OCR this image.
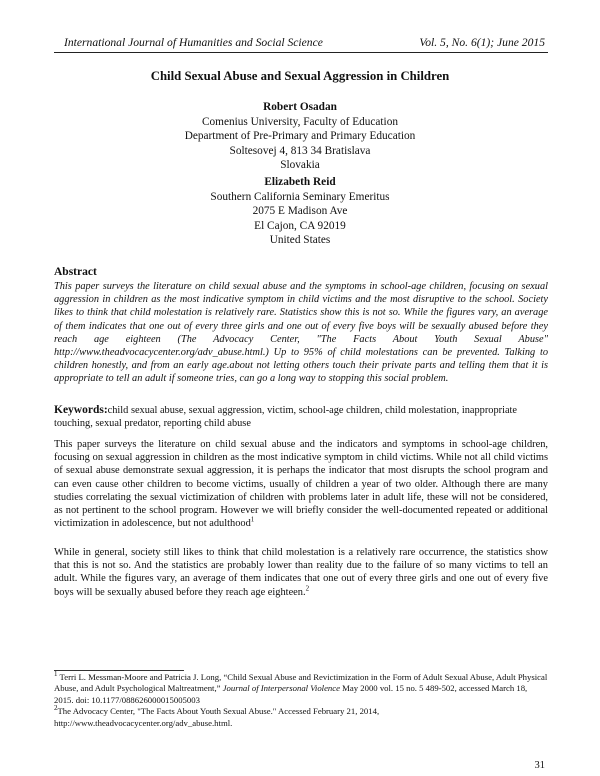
International Journal of Humanities and Social Science	Vol. 5, No. 6(1); June 2015
Child Sexual Abuse and Sexual Aggression in Children
Robert Osadan
Comenius University, Faculty of Education
Department of Pre-Primary and Primary Education
Soltesovej 4, 813 34 Bratislava
Slovakia
Elizabeth Reid
Southern California Seminary Emeritus
2075 E Madison Ave
El Cajon, CA 92019
United States
Abstract

This paper surveys the literature on child sexual abuse and the symptoms in school-age children, focusing on sexual aggression in children as the most indicative symptom in child victims and the most disruptive to the school. Society likes to think that child molestation is relatively rare. Statistics show this is not so. While the figures vary, an average of them indicates that one out of every three girls and one out of every five boys will be sexually abused before they reach age eighteen (The Advocacy Center, "The Facts About Youth Sexual Abuse" http://www.theadvocacycenter.org/adv_abuse.html.) Up to 95% of child molestations can be prevented. Talking to children honestly, and from an early age.about not letting others touch their private parts and telling them that it is appropriate to tell an adult if someone tries, can go a long way to stopping this social problem.

Keywords:child sexual abuse, sexual aggression, victim, school-age children, child molestation, inappropriate touching, sexual predator, reporting child abuse

This paper surveys the literature on child sexual abuse and the indicators and symptoms in school-age children, focusing on sexual aggression in children as the most indicative symptom in child victims. While not all child victims of sexual abuse demonstrate sexual aggression, it is perhaps the indicator that most disrupts the school program and can even cause other children to become victims, usually of children a year of two older. Although there are many studies correlating the sexual victimization of children with problems later in adult life, these will not be considered, as not pertinent to the school program. However we will briefly consider the well-documented repeated or additional victimization in adolescence, but not adulthood$^1$

While in general, society still likes to think that child molestation is a relatively rare occurrence, the statistics show that this is not so. And the statistics are probably lower than reality due to the failure of so many victims to tell an adult. While the figures vary, an average of them indicates that one out of every three girls and one out of every five boys will be sexually abused before they reach age eighteen.$^2$

$^1$ Terri L. Messman-Moore and Patricia J. Long, “Child Sexual Abuse and Revictimization in the Form of Adult Sexual Abuse, Adult Physical Abuse, and Adult Psychological Maltreatment,” Journal of Interpersonal Violence May 2000 vol. 15 no. 5 489-502, accessed March 18, 2015. doi: 10.1177/088626000015005003
$^2$The Advocacy Center, "The Facts About Youth Sexual Abuse." Accessed February 21, 2014, http://www.theadvocacycenter.org/adv_abuse.html.
31
